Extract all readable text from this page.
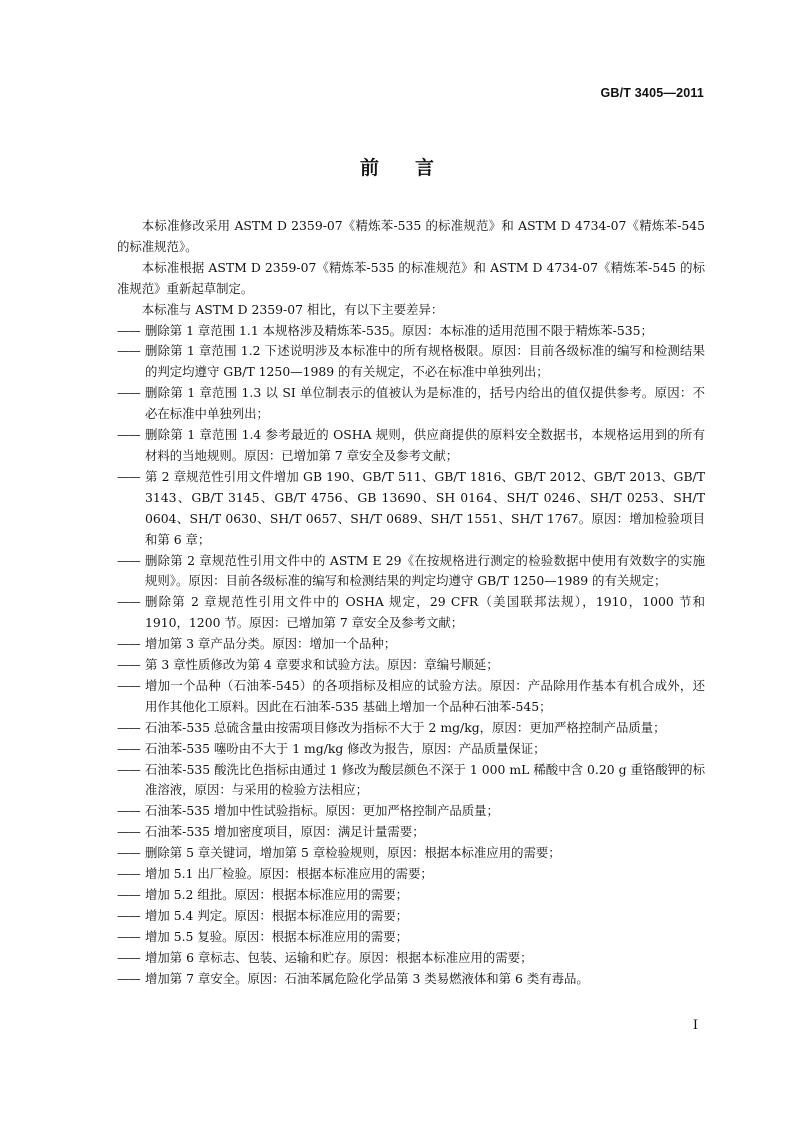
GB/T 3405—2011
前言

本标准修改采用 ASTM D 2359-07《精炼苯-535 的标准规范》和 ASTM D 4734-07《精炼苯-545 的标准规范》。

本标准根据 ASTM D 2359-07《精炼苯-535 的标准规范》和 ASTM D 4734-07《精炼苯-545 的标准规范》重新起草制定。

本标准与 ASTM D 2359-07 相比，有以下主要差异：

—— 删除第 1 章范围 1.1 本规格涉及精炼苯-535。原因：本标准的适用范围不限于精炼苯-535；

—— 删除第 1 章范围 1.2 下述说明涉及本标准中的所有规格极限。原因：目前各级标准的编写和检测结果的判定均遵守 GB/T 1250—1989 的有关规定，不必在标准中单独列出；

—— 删除第 1 章范围 1.3 以 SI 单位制表示的值被认为是标准的，括号内给出的值仅提供参考。原因：不必在标准中单独列出；

—— 删除第 1 章范围 1.4 参考最近的 OSHA 规则，供应商提供的原料安全数据书，本规格运用到的所有材料的当地规则。原因：已增加第 7 章安全及参考文献；

—— 第 2 章规范性引用文件增加 GB 190、GB/T 511、GB/T 1816、GB/T 2012、GB/T 2013、GB/T 3143、GB/T 3145、GB/T 4756、GB 13690、SH 0164、SH/T 0246、SH/T 0253、SH/T 0604、SH/T 0630、SH/T 0657、SH/T 0689、SH/T 1551、SH/T 1767。原因：增加检验项目和第 6 章；

—— 删除第 2 章规范性引用文件中的 ASTM E 29《在按规格进行测定的检验数据中使用有效数字的实施规则》。原因：目前各级标准的编写和检测结果的判定均遵守 GB/T 1250—1989 的有关规定；

—— 删除第 2 章规范性引用文件中的 OSHA 规定，29 CFR（美国联邦法规），1910，1000 节和 1910，1200 节。原因：已增加第 7 章安全及参考文献；

—— 增加第 3 章产品分类。原因：增加一个品种；

—— 第 3 章性质修改为第 4 章要求和试验方法。原因：章编号顺延；

—— 增加一个品种（石油苯-545）的各项指标及相应的试验方法。原因：产品除用作基本有机合成外，还用作其他化工原料。因此在石油苯-535 基础上增加一个品种石油苯-545；

—— 石油苯-535 总硫含量由按需项目修改为指标不大于 2 mg/kg，原因：更加严格控制产品质量；

—— 石油苯-535 噻吩由不大于 1 mg/kg 修改为报告，原因：产品质量保证；

—— 石油苯-535 酸洗比色指标由通过 1 修改为酸层颜色不深于 1 000 mL 稀酸中含 0.20 g 重铬酸钾的标准溶液，原因：与采用的检验方法相应；

—— 石油苯-535 增加中性试验指标。原因：更加严格控制产品质量；

—— 石油苯-535 增加密度项目，原因：满足计量需要；

—— 删除第 5 章关键词，增加第 5 章检验规则，原因：根据本标准应用的需要；

—— 增加 5.1 出厂检验。原因：根据本标准应用的需要；

—— 增加 5.2 组批。原因：根据本标准应用的需要；

—— 增加 5.4 判定。原因：根据本标准应用的需要；

—— 增加 5.5 复验。原因：根据本标准应用的需要；

—— 增加第 6 章标志、包装、运输和贮存。原因：根据本标准应用的需要；

—— 增加第 7 章安全。原因：石油苯属危险化学品第 3 类易燃液体和第 6 类有毒品。

I
